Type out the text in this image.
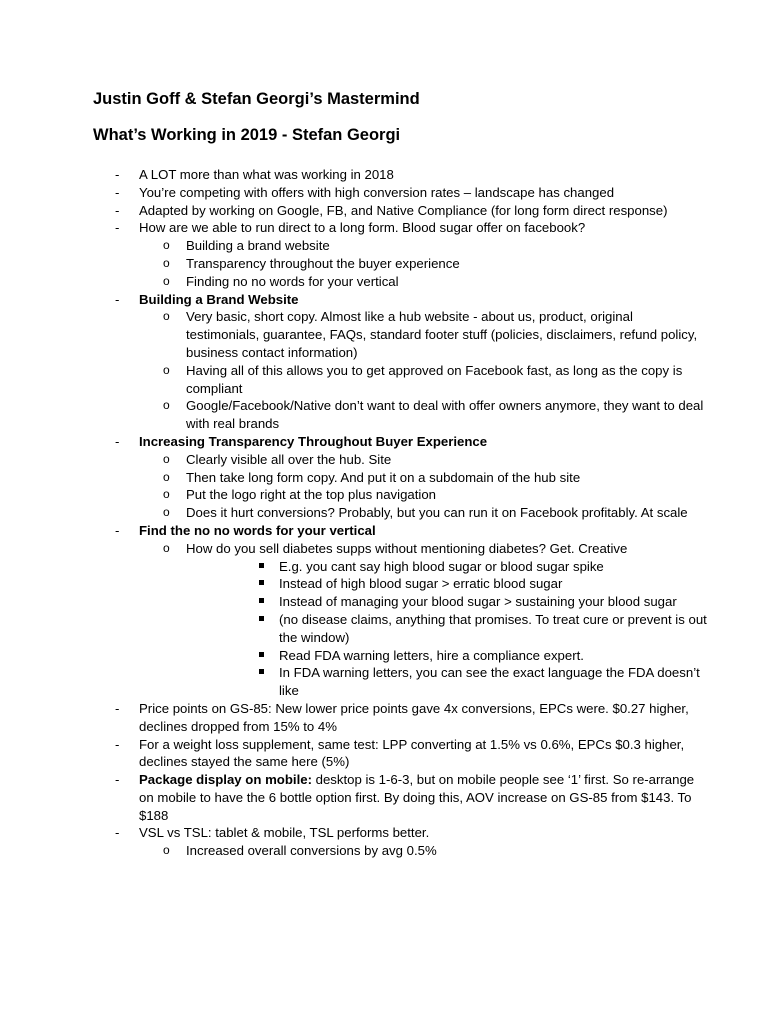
Justin Goff & Stefan Georgi’s Mastermind
What’s Working in 2019 - Stefan Georgi
- A LOT more than what was working in 2018
- You’re competing with offers with high conversion rates – landscape has changed
- Adapted by working on Google, FB, and Native Compliance (for long form direct response)
- How are we able to run direct to a long form. Blood sugar offer on facebook?
o Building a brand website
o Transparency throughout the buyer experience
o Finding no no words for your vertical
- Building a Brand Website
o Very basic, short copy. Almost like a hub website - about us, product, original testimonials, guarantee, FAQs, standard footer stuff (policies, disclaimers, refund policy, business contact information)
o Having all of this allows you to get approved on Facebook fast, as long as the copy is compliant
o Google/Facebook/Native don’t want to deal with offer owners anymore, they want to deal with real brands
- Increasing Transparency Throughout Buyer Experience
o Clearly visible all over the hub. Site
o Then take long form copy. And put it on a subdomain of the hub site
o Put the logo right at the top plus navigation
o Does it hurt conversions? Probably, but you can run it on Facebook profitably. At scale
- Find the no no words for your vertical
o How do you sell diabetes supps without mentioning diabetes? Get. Creative
E.g. you cant say high blood sugar or blood sugar spike
Instead of high blood sugar > erratic blood sugar
Instead of managing your blood sugar > sustaining your blood sugar
(no disease claims, anything that promises. To treat cure or prevent is out the window)
Read FDA warning letters, hire a compliance expert.
In FDA warning letters, you can see the exact language the FDA doesn’t like
- Price points on GS-85: New lower price points gave 4x conversions, EPCs were. $0.27 higher, declines dropped from 15% to 4%
- For a weight loss supplement, same test: LPP converting at 1.5% vs 0.6%, EPCs $0.3 higher, declines stayed the same here (5%)
- Package display on mobile: desktop is 1-6-3, but on mobile people see ‘1’ first. So re-arrange on mobile to have the 6 bottle option first. By doing this, AOV increase on GS-85 from $143. To $188
- VSL vs TSL: tablet & mobile, TSL performs better.
o Increased overall conversions by avg 0.5%
